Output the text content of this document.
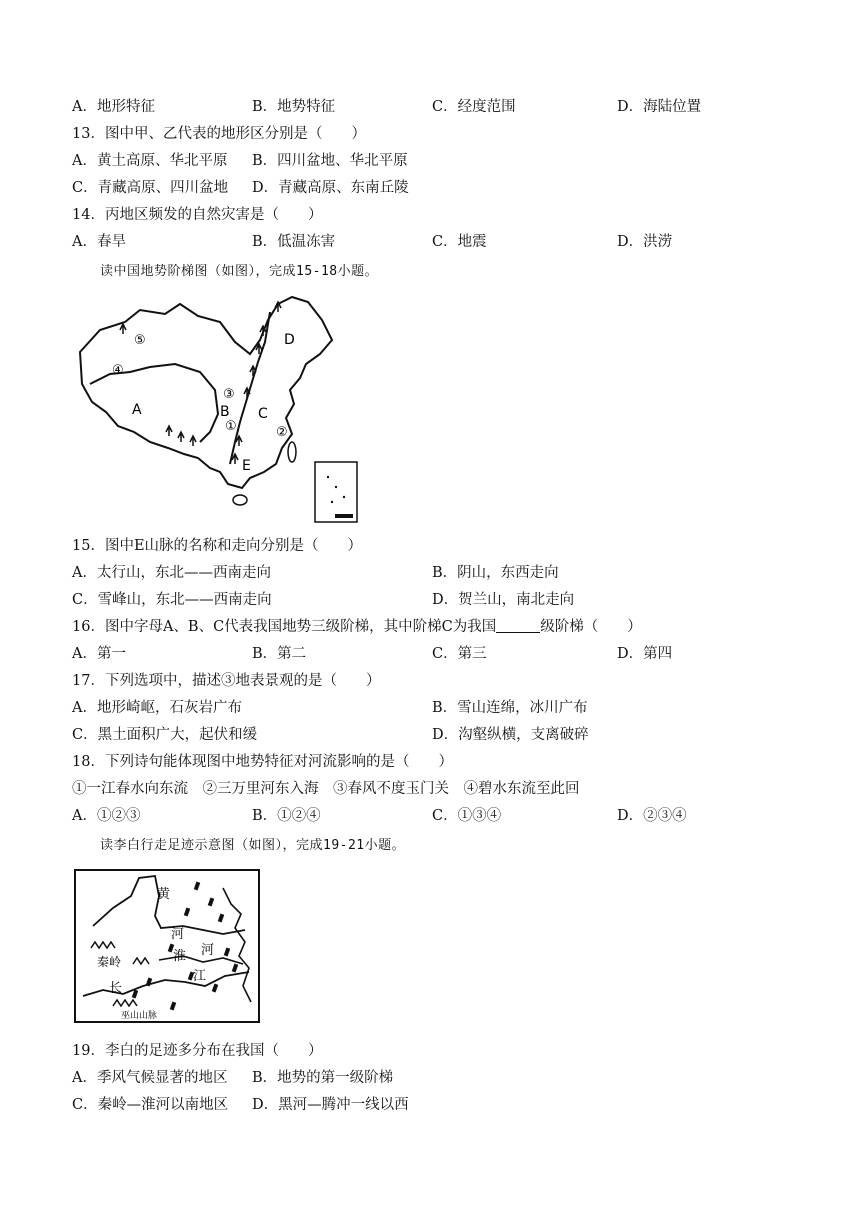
A．地形特征	B．地势特征	C．经度范围	D．海陆位置
13．图中甲、乙代表的地形区分别是（　　）
A．黄土高原、华北平原 B．四川盆地、华北平原
C．青藏高原、四川盆地 D．青藏高原、东南丘陵
14．丙地区频发的自然灾害是（　　）
A．春旱	B．低温冻害	C．地震	D．洪涝
读中国地势阶梯图（如图），完成15-18小题。
A	B C
D
E
①	②
③
④
⑤
15．图中E山脉的名称和走向分别是（　　）
A．太行山，东北——西南走向	B．阴山，东西走向
C．雪峰山，东北——西南走向	D．贺兰山，南北走向
16．图中字母A、B、C代表我国地势三级阶梯，其中阶梯C为我国	级阶梯（　　）
A．第一	B．第二	C．第三	D．第四
17．下列选项中，描述③地表景观的是（　　）
A．地形崎岖，石灰岩广布	B．雪山连绵，冰川广布
C．黑土面积广大，起伏和缓	D．沟壑纵横，支离破碎
18．下列诗句能体现图中地势特征对河流影响的是（　　）
①一江春水向东流　②三万里河东入海　③春风不度玉门关　④碧水东流至此回
A．①②③	B．①②④	C．①③④	D．②③④
读李白行走足迹示意图（如图），完成19-21小题。
黄
河
河
淮
秦岭
长
江
巫山山脉
19．李白的足迹多分布在我国（　　）
A．季风气候显著的地区 B．地势的第一级阶梯
C．秦岭—淮河以南地区 D．黑河—腾冲一线以西
